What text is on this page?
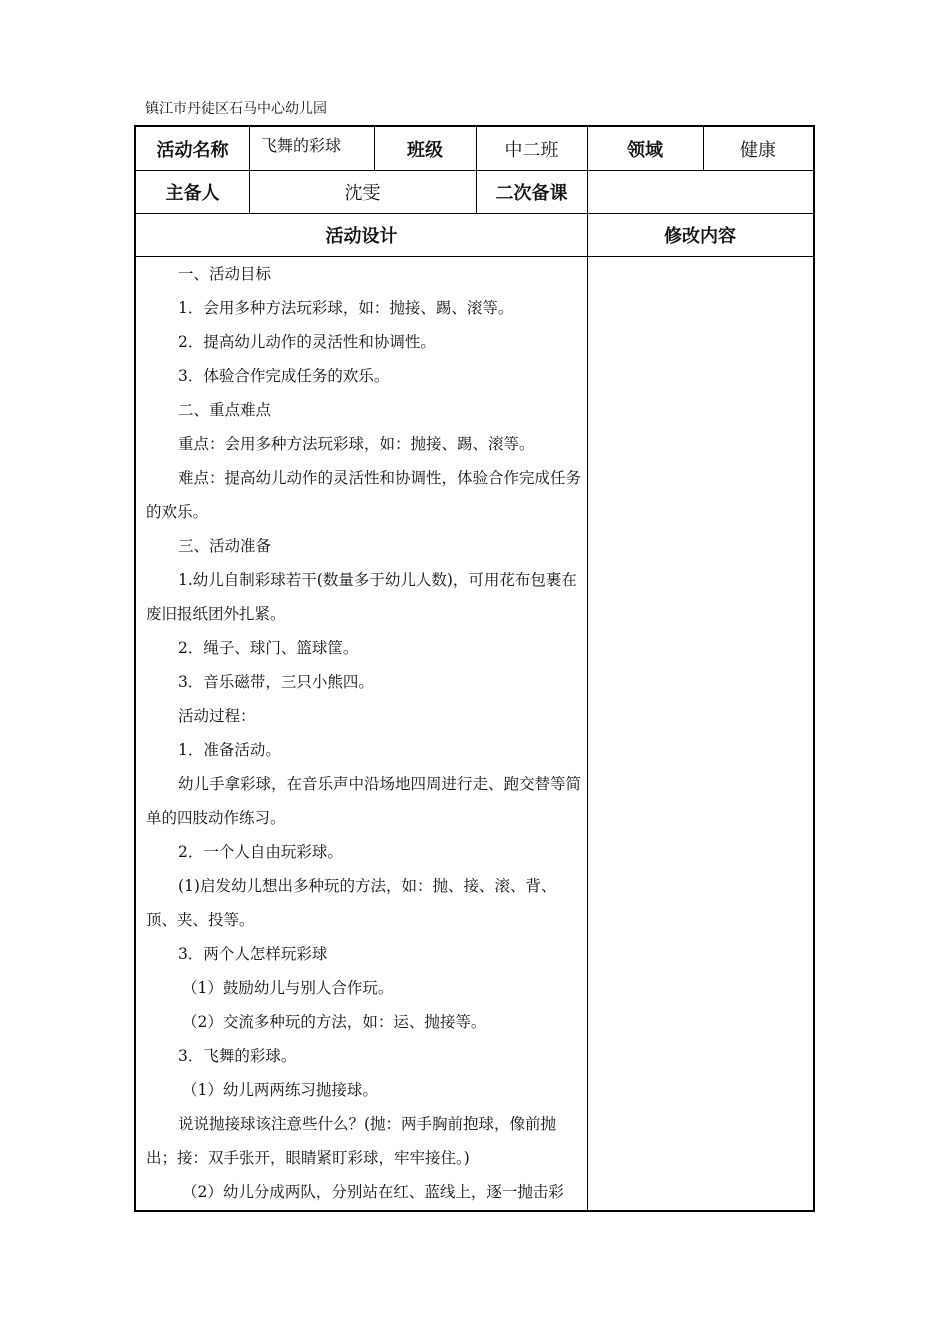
镇江市丹徒区石马中心幼儿园
活动名称	飞舞的彩球	班级	中二班	领域	健康
主备人	沈雯	二次备课
活动设计	修改内容

一、活动目标

1．会用多种方法玩彩球，如：抛接、踢、滚等。

2．提高幼儿动作的灵活性和协调性。

3．体验合作完成任务的欢乐。

二、重点难点

重点：会用多种方法玩彩球，如：抛接、踢、滚等。

难点：提高幼儿动作的灵活性和协调性，体验合作完成任务的欢乐。

三、活动准备

1.幼儿自制彩球若干(数量多于幼儿人数)，可用花布包裹在废旧报纸团外扎紧。

2．绳子、球门、篮球筐。

3．音乐磁带，三只小熊四。

活动过程：

1．准备活动。

幼儿手拿彩球，在音乐声中沿场地四周进行走、跑交替等简单的四肢动作练习。

2．一个人自由玩彩球。

(1)启发幼儿想出多种玩的方法，如：抛、接、滚、背、顶、夹、投等。

3．两个人怎样玩彩球

（1）鼓励幼儿与别人合作玩。

（2）交流多种玩的方法，如：运、抛接等。

3．飞舞的彩球。

（1）幼儿两两练习抛接球。

说说抛接球该注意些什么？(抛：两手胸前抱球，像前抛出；接：双手张开，眼睛紧盯彩球，牢牢接住。)

（2）幼儿分成两队，分别站在红、蓝线上，逐一抛击彩
